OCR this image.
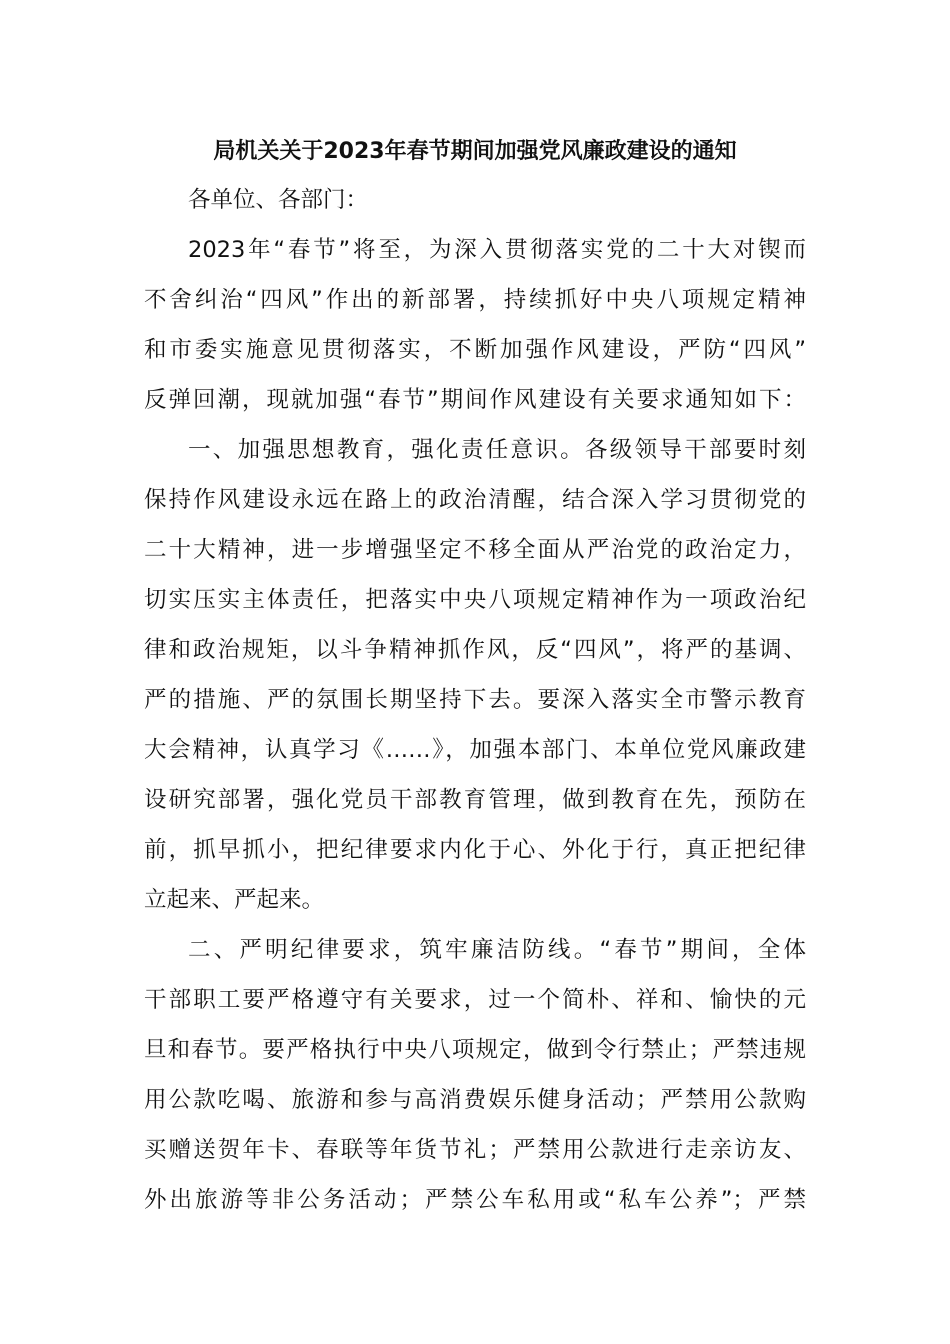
局机关关于2023年春节期间加强党风廉政建设的通知
各单位、各部门：
2023年“春节”将至，为深入贯彻落实党的二十大对锲而
不舍纠治“四风”作出的新部署，持续抓好中央八项规定精神
和市委实施意见贯彻落实，不断加强作风建设，严防“四风”
反弹回潮，现就加强“春节”期间作风建设有关要求通知如下：
一、加强思想教育，强化责任意识。各级领导干部要时刻
保持作风建设永远在路上的政治清醒，结合深入学习贯彻党的
二十大精神，进一步增强坚定不移全面从严治党的政治定力，
切实压实主体责任，把落实中央八项规定精神作为一项政治纪
律和政治规矩，以斗争精神抓作风，反“四风”，将严的基调、
严的措施、严的氛围长期坚持下去。要深入落实全市警示教育
大会精神，认真学习《……》，加强本部门、本单位党风廉政建
设研究部署，强化党员干部教育管理，做到教育在先，预防在
前，抓早抓小，把纪律要求内化于心、外化于行，真正把纪律
立起来、严起来。
二、严明纪律要求，筑牢廉洁防线。“春节”期间，全体
干部职工要严格遵守有关要求，过一个简朴、祥和、愉快的元
旦和春节。要严格执行中央八项规定，做到令行禁止；严禁违规
用公款吃喝、旅游和参与高消费娱乐健身活动；严禁用公款购
买赠送贺年卡、春联等年货节礼；严禁用公款进行走亲访友、
外出旅游等非公务活动；严禁公车私用或“私车公养”；严禁
